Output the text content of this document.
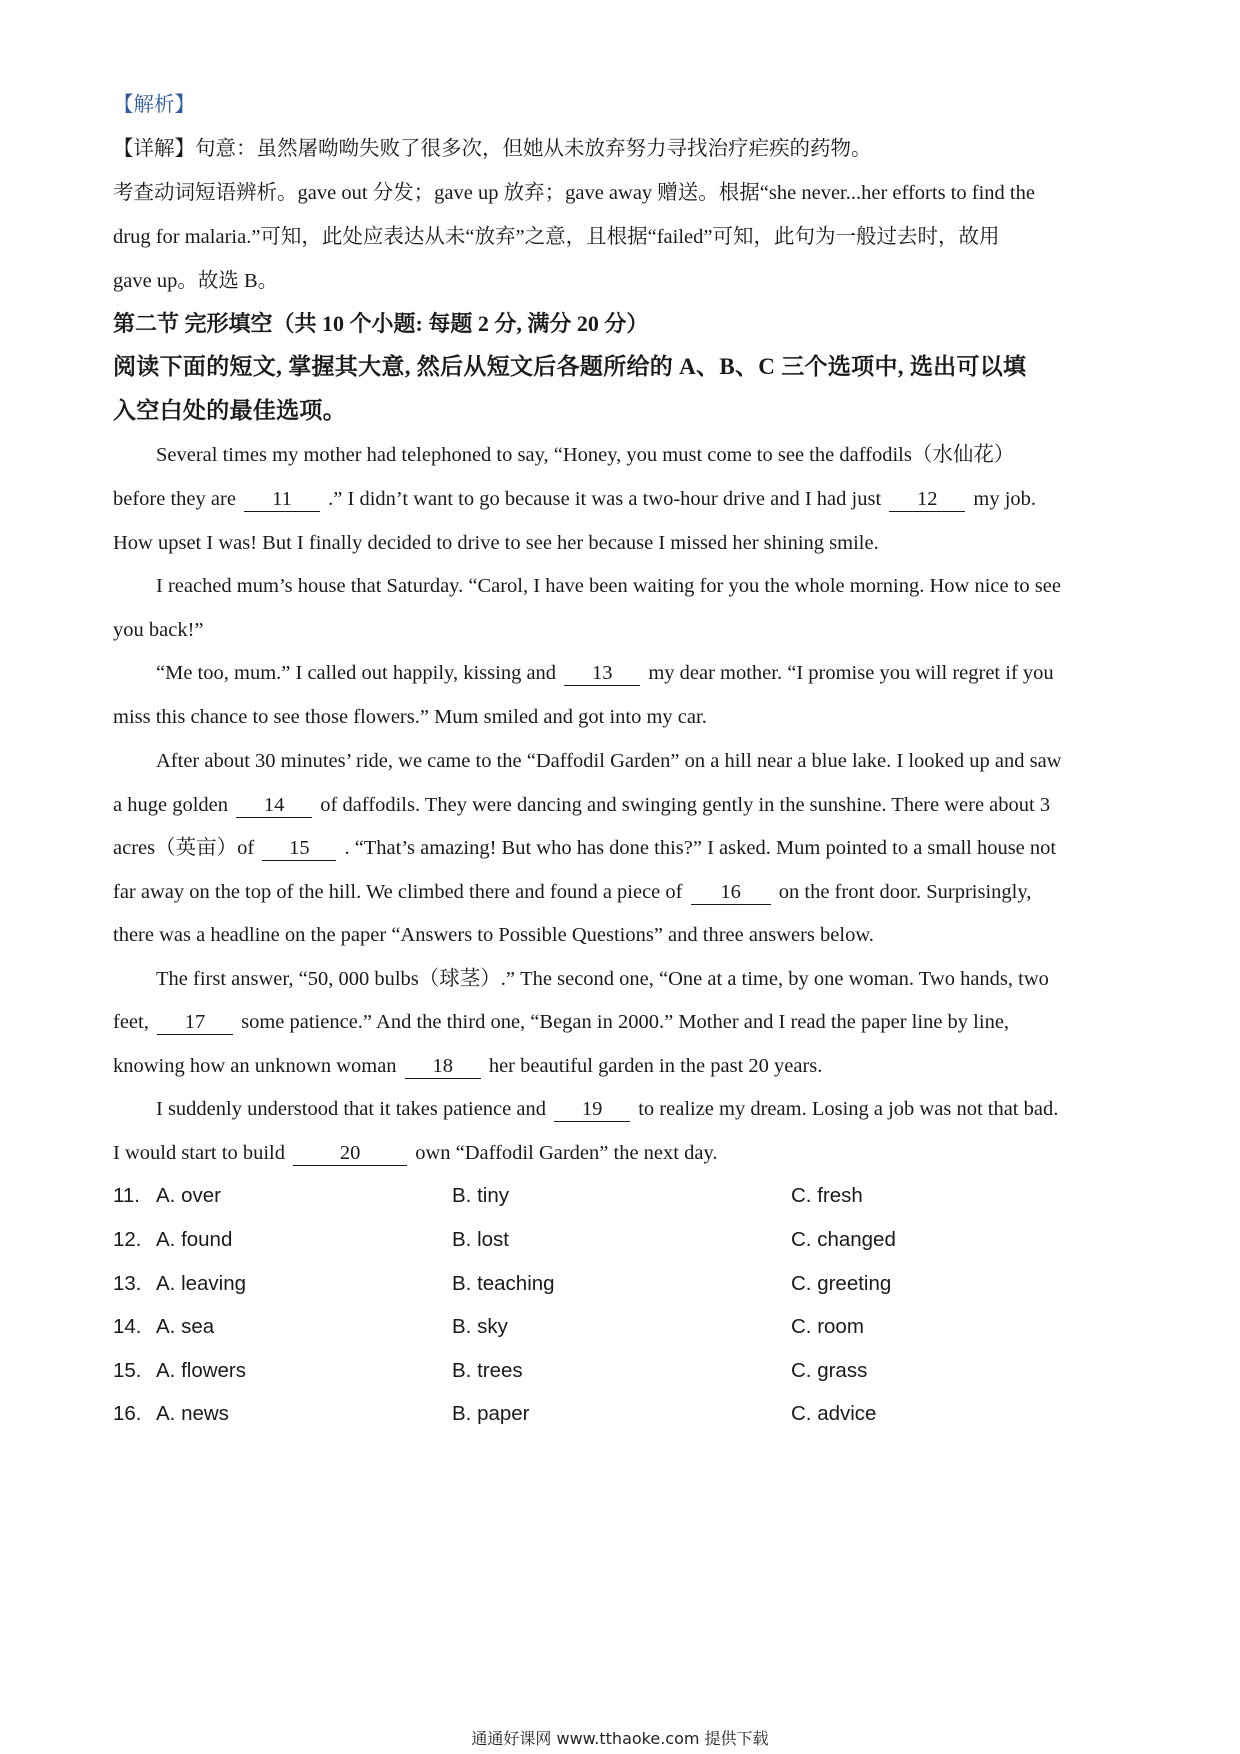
【解析】
【详解】句意：虽然屠呦呦失败了很多次，但她从未放弃努力寻找治疗疟疾的药物。
考查动词短语辨析。gave out 分发；gave up 放弃；gave away 赠送。根据“she never...her efforts to find the
drug for malaria.”可知，此处应表达从未“放弃”之意，且根据“failed”可知，此句为一般过去时，故用
gave up。故选 B。
第二节 完形填空（共 10 个小题: 每题 2 分, 满分 20 分）
阅读下面的短文, 掌握其大意, 然后从短文后各题所给的 A、B、C 三个选项中, 选出可以填
入空白处的最佳选项。
Several times my mother had telephoned to say, “Honey, you must come to see the daffodils（水仙花）
before they are 11 .” I didn’t want to go because it was a two-hour drive and I had just 12 my job.
How upset I was! But I finally decided to drive to see her because I missed her shining smile.
I reached mum’s house that Saturday. “Carol, I have been waiting for you the whole morning. How nice to see
you back!”
“Me too, mum.” I called out happily, kissing and 13 my dear mother. “I promise you will regret if you
miss this chance to see those flowers.” Mum smiled and got into my car.
After about 30 minutes’ ride, we came to the “Daffodil Garden” on a hill near a blue lake. I looked up and saw
a huge golden 14 of daffodils. They were dancing and swinging gently in the sunshine. There were about 3
acres（英亩）of 15 . “That’s amazing! But who has done this?” I asked. Mum pointed to a small house not
far away on the top of the hill. We climbed there and found a piece of 16 on the front door. Surprisingly,
there was a headline on the paper “Answers to Possible Questions” and three answers below.
The first answer, “50, 000 bulbs（球茎）.” The second one, “One at a time, by one woman. Two hands, two
feet, 17 some patience.” And the third one, “Began in 2000.” Mother and I read the paper line by line,
knowing how an unknown woman 18 her beautiful garden in the past 20 years.
I suddenly understood that it takes patience and 19 to realize my dream. Losing a job was not that bad.
I would start to build	20	own “Daffodil Garden” the next day.
11. A. over	B. tiny	C. fresh
12. A. found	B. lost	C. changed
13. A. leaving	B. teaching	C. greeting
14. A. sea	B. sky	C. room
15. A. flowers	B. trees	C. grass
16. A. news	B. paper	C. advice
通通好课网 www.tthaoke.com 提供下载
